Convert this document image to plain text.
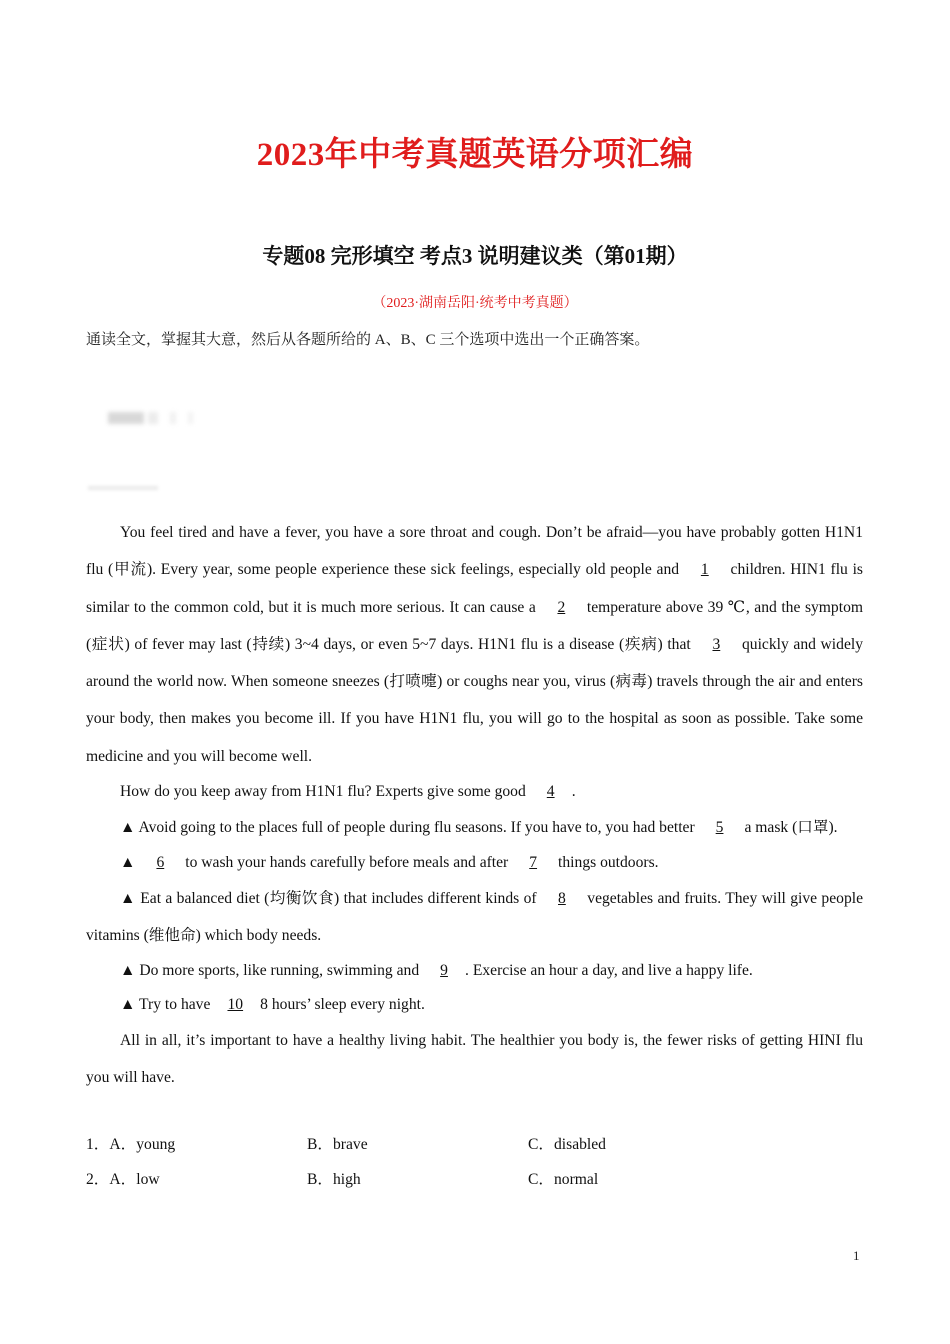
2023年中考真题英语分项汇编
专题08 完形填空 考点3 说明建议类（第01期）
（2023·湖南岳阳·统考中考真题）
通读全文，掌握其大意，然后从各题所给的 A、B、C 三个选项中选出一个正确答案。

You feel tired and have a fever, you have a sore throat and cough. Don’t be afraid—you have probably gotten H1N1 flu (甲流). Every year, some people experience these sick feelings, especially old people and 1 children. HIN1 flu is similar to the common cold, but it is much more serious. It can cause a 2 temperature above 39 ℃, and the symptom (症状) of fever may last (持续) 3~4 days, or even 5~7 days. H1N1 flu is a disease (疾病) that 3 quickly and widely around the world now. When someone sneezes (打喷嚏) or coughs near you, virus (病毒) travels through the air and enters your body, then makes you become ill. If you have H1N1 flu, you will go to the hospital as soon as possible. Take some medicine and you will become well.

How do you keep away from H1N1 flu? Experts give some good 4 .

▲ Avoid going to the places full of people during flu seasons. If you have to, you had better 5 a mask (口罩).

▲ 6 to wash your hands carefully before meals and after 7 things outdoors.

▲ Eat a balanced diet (均衡饮食) that includes different kinds of 8 vegetables and fruits. They will give people vitamins (维他命) which body needs.

▲ Do more sports, like running, swimming and 9 . Exercise an hour a day, and live a happy life.

▲ Try to have 10 8 hours’ sleep every night.

All in all, it’s important to have a healthy living habit. The healthier you body is, the fewer risks of getting HINI flu you will have.

1．A．young	B．brave	C．disabled
2．A．low	B．high	C．normal
1
